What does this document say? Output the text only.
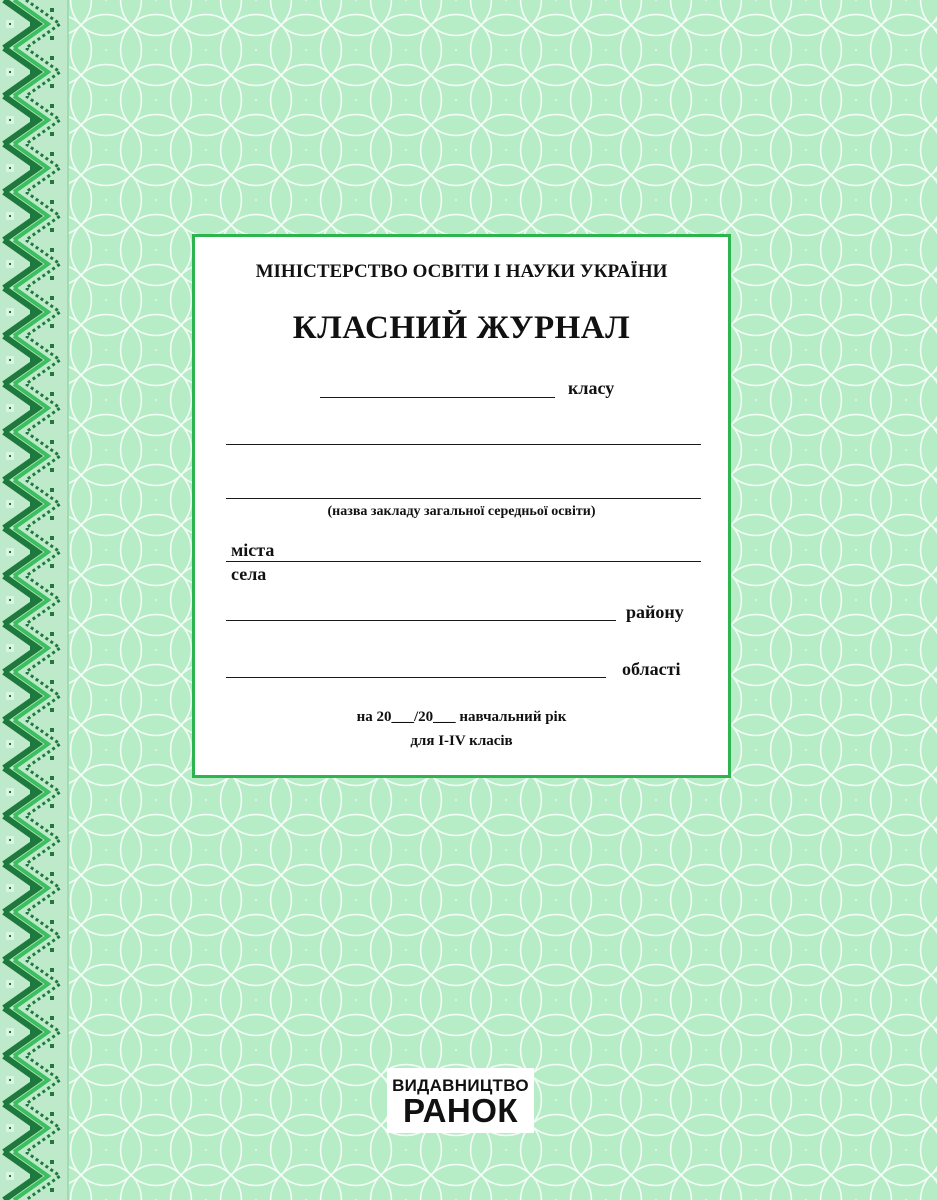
МІНІСТЕРСТВО ОСВІТИ І НАУКИ УКРАЇНИ
КЛАСНИЙ ЖУРНАЛ
класу
(назва закладу загальної середньої освіти)
міста
села
району
області
на 20___/20___ навчальний рік
для І-ІV класів
ВИДАВНИЦТВО
РАНОК
